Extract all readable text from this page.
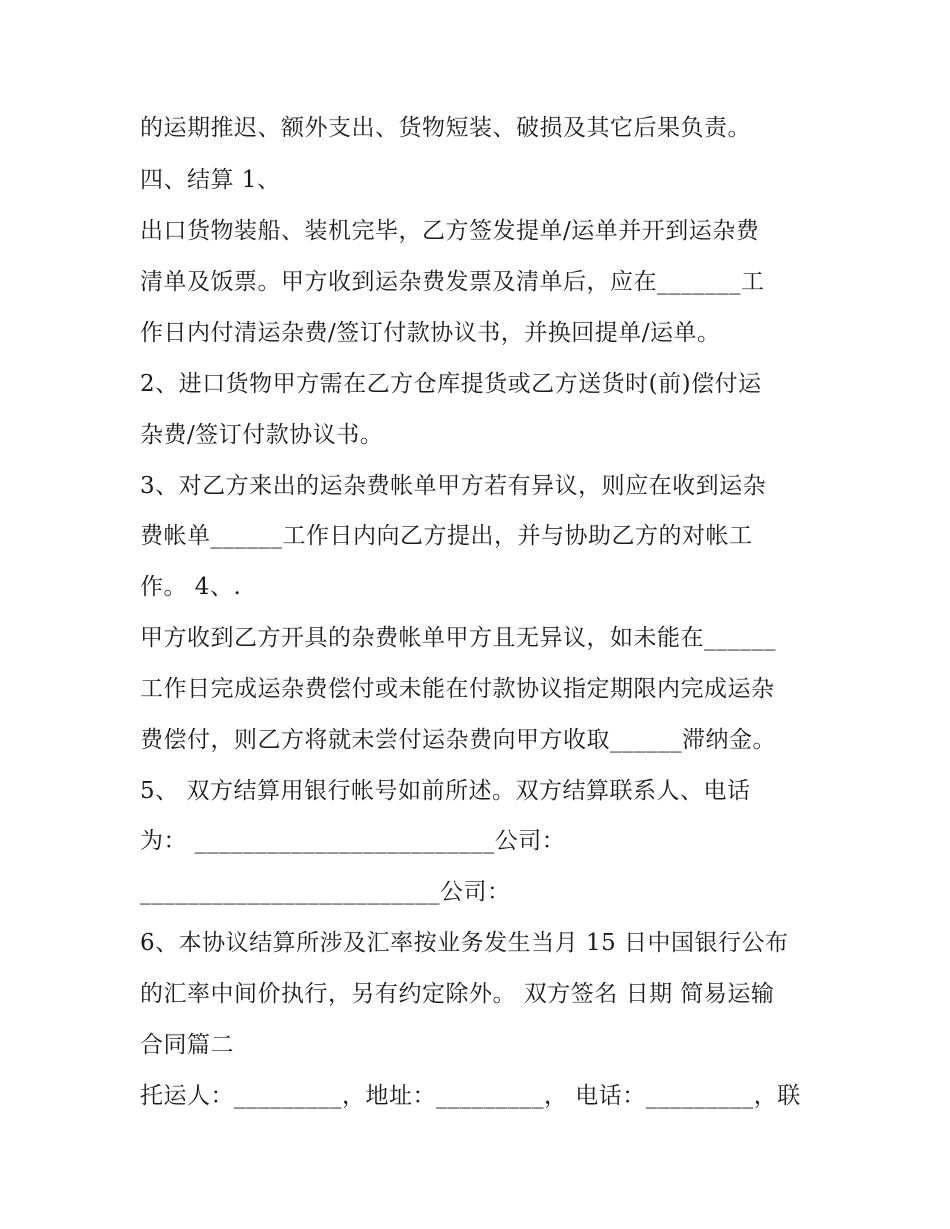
的运期推迟、额外支出、货物短装、破损及其它后果负责。
四、结算 1、
出口货物装船、装机完毕，乙方签发提单/运单并开到运杂费
清单及饭票。甲方收到运杂费发票及清单后，应在_______工
作日内付清运杂费/签订付款协议书，并换回提单/运单。
2、进口货物甲方需在乙方仓库提货或乙方送货时(前)偿付运
杂费/签订付款协议书。
3、对乙方来出的运杂费帐单甲方若有异议，则应在收到运杂
费帐单______工作日内向乙方提出，并与协助乙方的对帐工
作。 4、.
甲方收到乙方开具的杂费帐单甲方且无异议，如未能在______
工作日完成运杂费偿付或未能在付款协议指定期限内完成运杂
费偿付，则乙方将就未尝付运杂费向甲方收取______滞纳金。
5、 双方结算用银行帐号如前所述。双方结算联系人、电话
为： _________________________公司：
_________________________公司：
6、本协议结算所涉及汇率按业务发生当月 15 日中国银行公布
的汇率中间价执行，另有约定除外。 双方签名 日期 简易运输
合同篇二
托运人：_________，地址：_________， 电话：_________，联
